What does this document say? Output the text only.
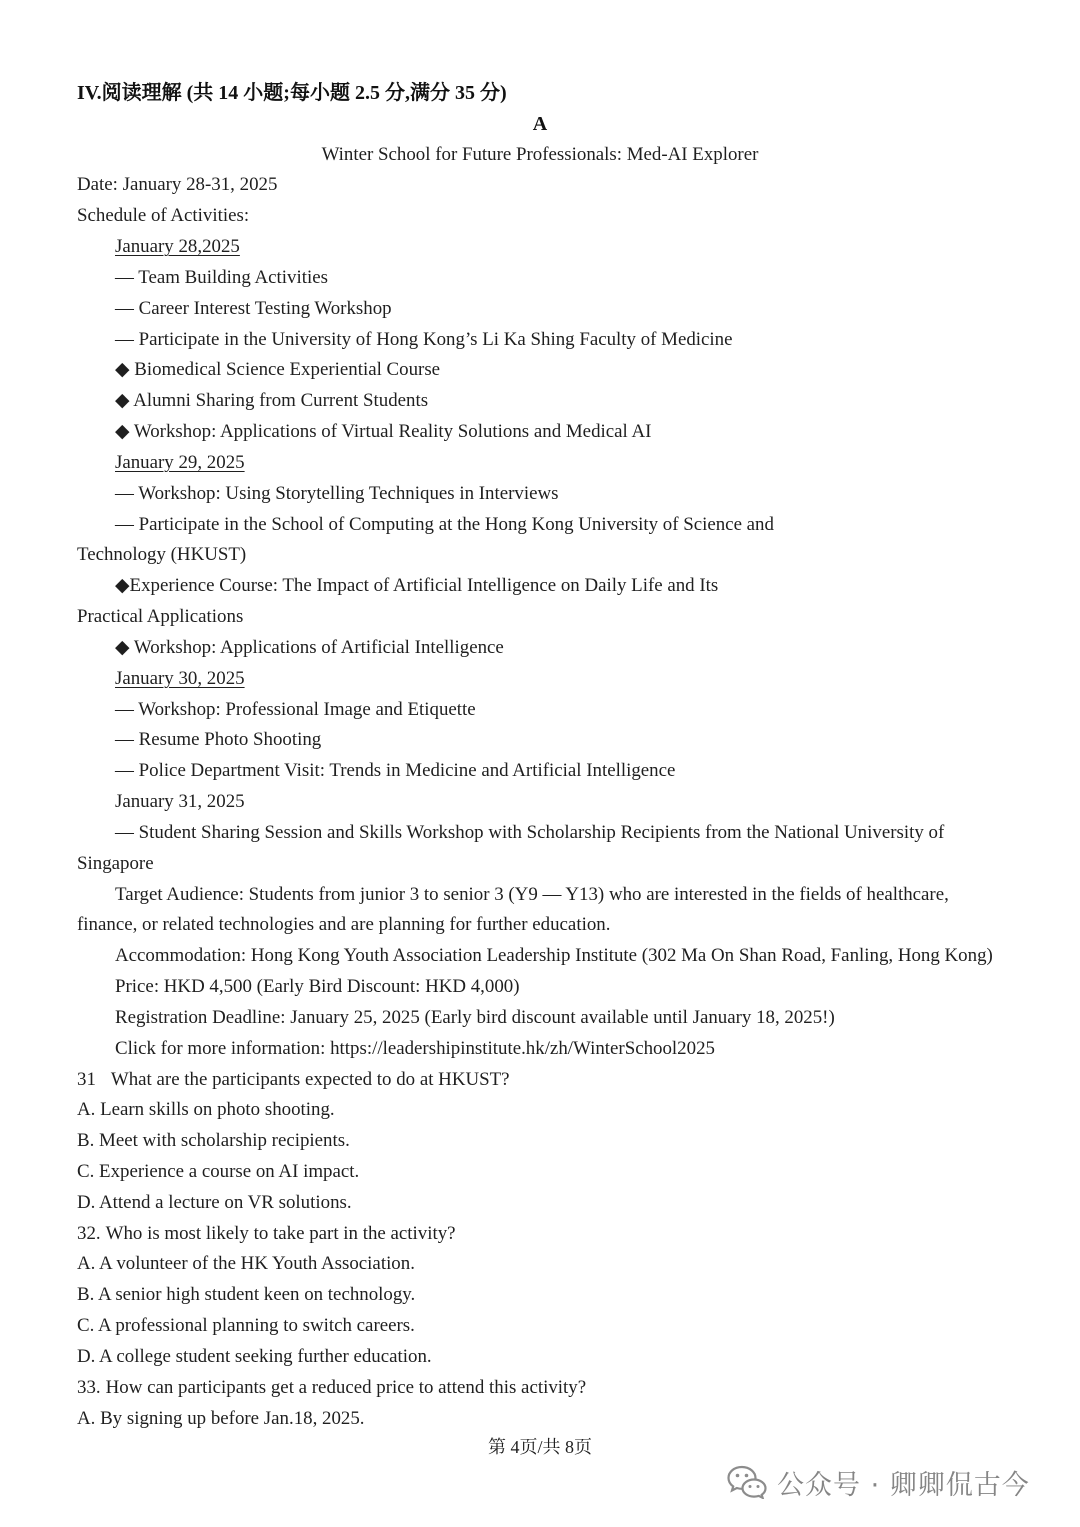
IV.阅读理解 (共 14 小题;每小题 2.5 分,满分 35 分)
A
Winter School for Future Professionals: Med-AI Explorer
Date: January 28-31, 2025
Schedule of Activities:
January 28,2025
— Team Building Activities
— Career Interest Testing Workshop
— Participate in the University of Hong Kong’s Li Ka Shing Faculty of Medicine
◆ Biomedical Science Experiential Course
◆ Alumni Sharing from Current Students
◆ Workshop: Applications of Virtual Reality Solutions and Medical AI
January 29, 2025
— Workshop: Using Storytelling Techniques in Interviews
— Participate in the School of Computing at the Hong Kong University of Science and
Technology (HKUST)
◆Experience Course: The Impact of Artificial Intelligence on Daily Life and Its
Practical Applications
◆ Workshop: Applications of Artificial Intelligence
January 30, 2025
— Workshop: Professional Image and Etiquette
— Resume Photo Shooting
— Police Department Visit: Trends in Medicine and Artificial Intelligence
January 31, 2025
— Student Sharing Session and Skills Workshop with Scholarship Recipients from the National University of
Singapore
Target Audience: Students from junior 3 to senior 3 (Y9 — Y13) who are interested in the fields of healthcare,
finance, or related technologies and are planning for further education.
Accommodation: Hong Kong Youth Association Leadership Institute (302 Ma On Shan Road, Fanling, Hong Kong)
Price: HKD 4,500 (Early Bird Discount: HKD 4,000)
Registration Deadline: January 25, 2025 (Early bird discount available until January 18, 2025!)
Click for more information: https://leadershipinstitute.hk/zh/WinterSchool2025
31 What are the participants expected to do at HKUST?
A. Learn skills on photo shooting.
B. Meet with scholarship recipients.
C. Experience a course on AI impact.
D. Attend a lecture on VR solutions.
32. Who is most likely to take part in the activity?
A. A volunteer of the HK Youth Association.
B. A senior high student keen on technology.
C. A professional planning to switch careers.
D. A college student seeking further education.
33. How can participants get a reduced price to attend this activity?
A. By signing up before Jan.18, 2025.
第 4页/共 8页
公众号 · 卿卿侃古今
